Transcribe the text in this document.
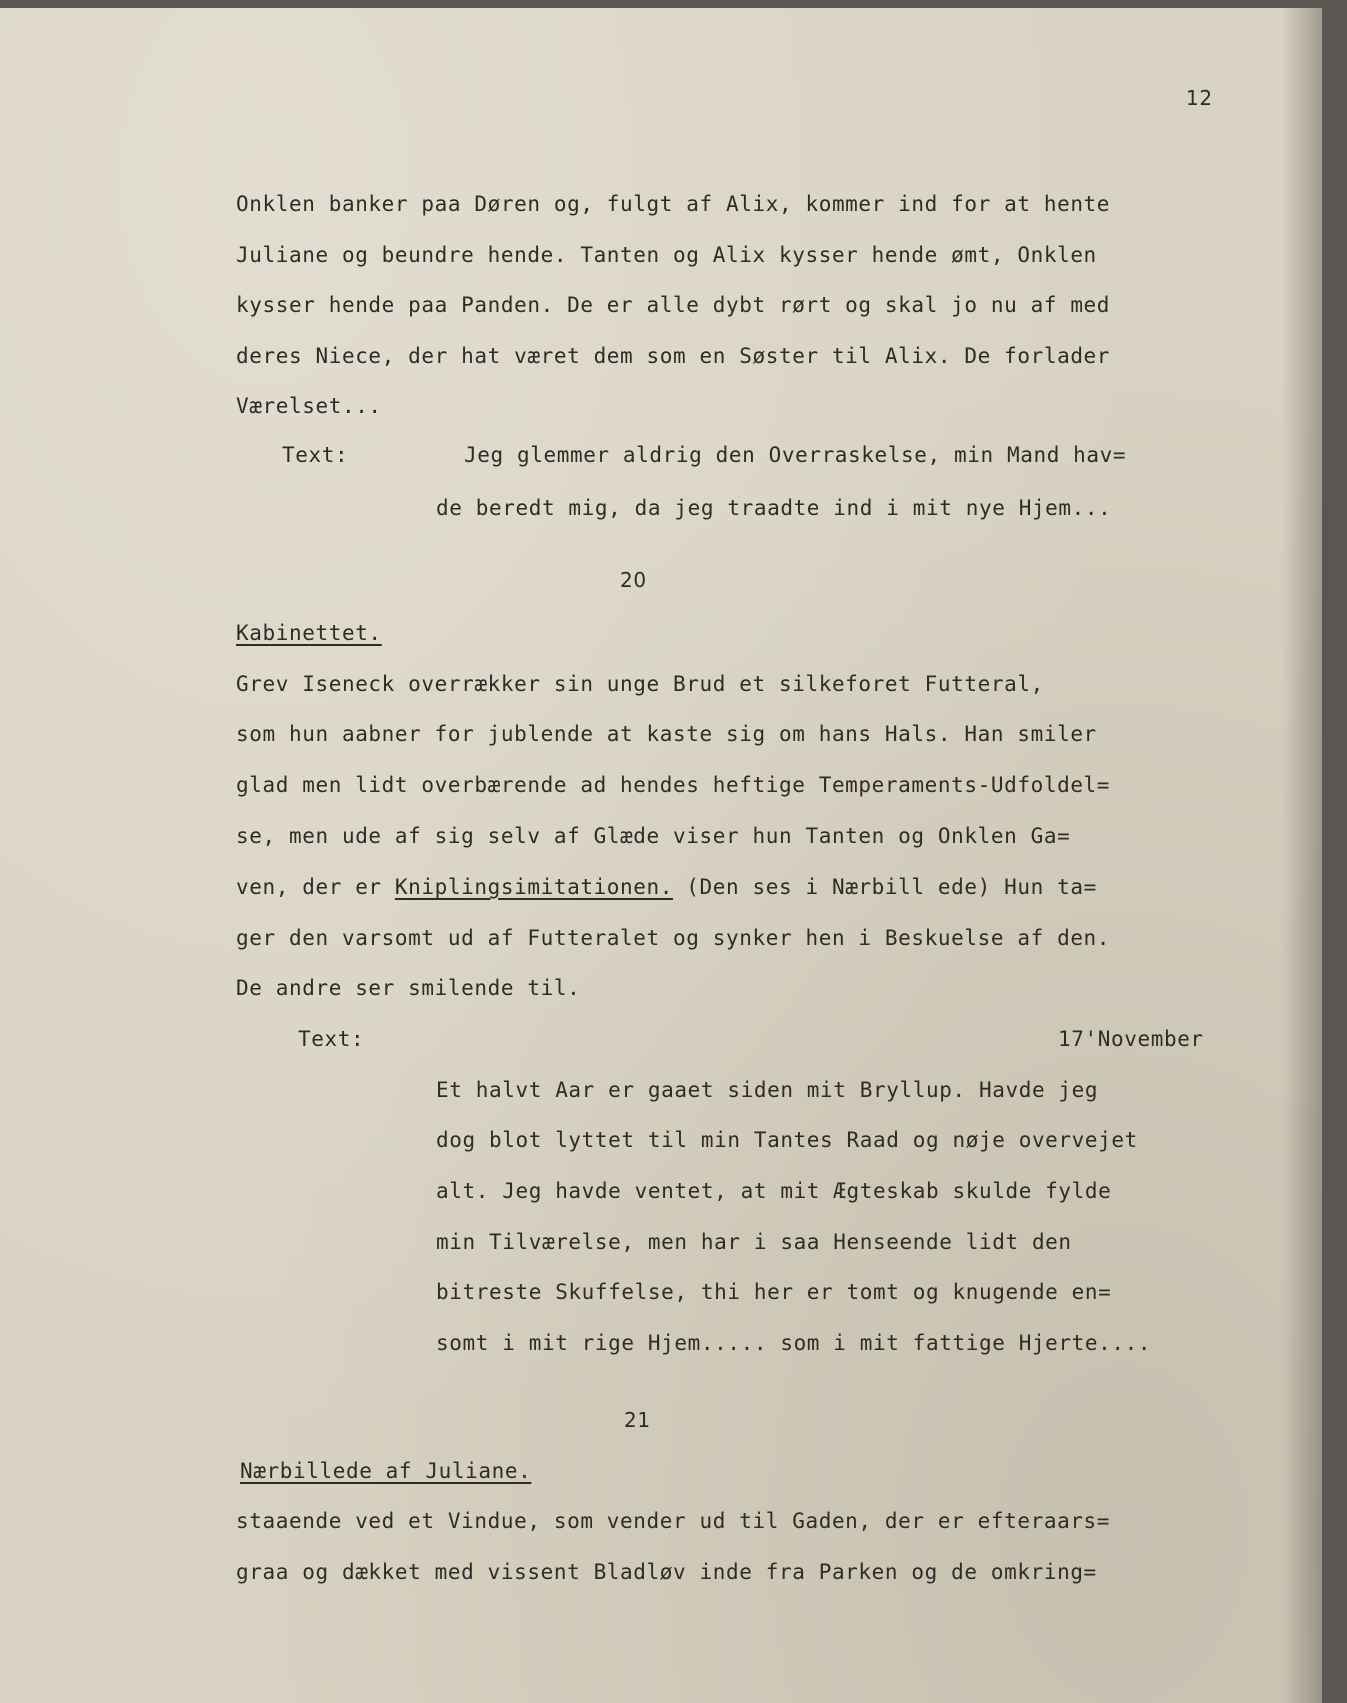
12
Onklen banker paa Døren og, fulgt af Alix, kommer ind for at hente
Juliane og beundre hende. Tanten og Alix kysser hende ømt, Onklen
kysser hende paa Panden. De er alle dybt rørt og skal jo nu af med
deres Niece, der hat været dem som en Søster til Alix. De forlader
Værelset...
Text:	Jeg glemmer aldrig den Overraskelse, min Mand hav=
de beredt mig, da jeg traadte ind i mit nye Hjem...
20
Kabinettet.
Grev Iseneck overrækker sin unge Brud et silkeforet Futteral,
som hun aabner for jublende at kaste sig om hans Hals. Han smiler
glad men lidt overbærende ad hendes heftige Temperaments-Udfoldel=
se, men ude af sig selv af Glæde viser hun Tanten og Onklen Ga=
ven, der er Kniplingsimitationen. (Den ses i Nærbill ede) Hun ta=
ger den varsomt ud af Futteralet og synker hen i Beskuelse af den.
De andre ser smilende til.
Text:	17'November
Et halvt Aar er gaaet siden mit Bryllup. Havde jeg
dog blot lyttet til min Tantes Raad og nøje overvejet
alt. Jeg havde ventet, at mit Ægteskab skulde fylde
min Tilværelse, men har i saa Henseende lidt den
bitreste Skuffelse, thi her er tomt og knugende en=
somt i mit rige Hjem..... som i mit fattige Hjerte....
21
Nærbillede af Juliane.
staaende ved et Vindue, som vender ud til Gaden, der er efteraars=
graa og dækket med vissent Bladløv inde fra Parken og de omkring=
